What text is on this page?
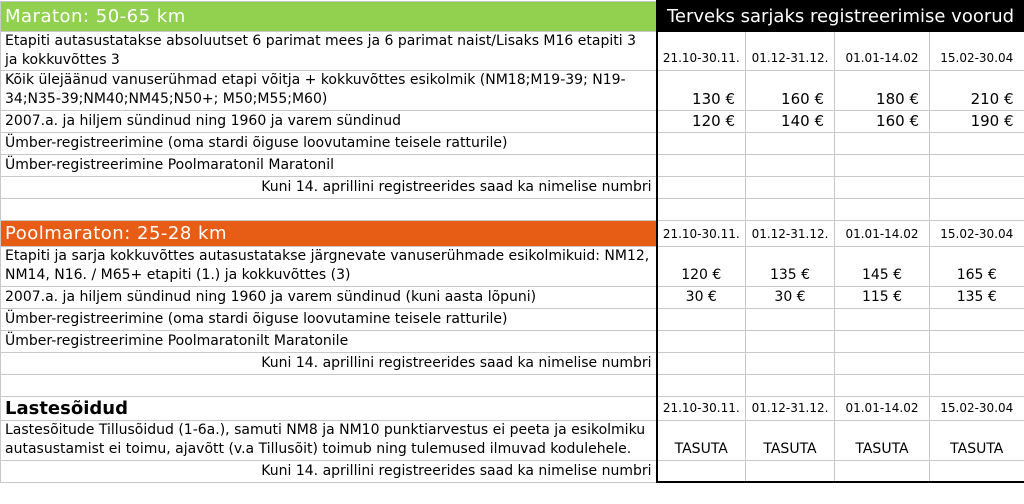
Maraton: 50-65 km	Terveks sarjaks registreerimise voorud			
Etapiti autasustatakse absoluutset 6 parimat mees ja 6 parimat naist/Lisaks M16 etapiti 3 ja kokkuvõttes 3	21.10-30.11.	01.12-31.12.	01.01-14.02	15.02-30.04
Kõik ülejäänud vanuserühmad etapi võitja + kokkuvõttes esikolmik (NM18;M19-39; N19-34;N35-39;NM40;NM45;N50+; M50;M55;M60)	130 €	160 €	180 €	210 €
2007.a. ja hiljem sündinud ning 1960 ja varem sündinud	120 €	140 €	160 €	190 €
Ümber-registreerimine (oma stardi õiguse loovutamine teisele ratturile)				
Ümber-registreerimine Poolmaratonil Maratonil				
Kuni 14. aprillini registreerides saad ka nimelise numbri				

Poolmaraton: 25-28 km	21.10-30.11.	01.12-31.12.	01.01-14.02	15.02-30.04
Etapiti ja sarja kokkuvõttes autasustatakse järgnevate vanuserühmade esikolmikuid: NM12, NM14, N16. / M65+ etapiti (1.) ja kokkuvõttes (3)	120 €	135 €	145 €	165 €
2007.a. ja hiljem sündinud ning 1960 ja varem sündinud (kuni aasta lõpuni)	30 €	30 €	115 €	135 €
Ümber-registreerimine (oma stardi õiguse loovutamine teisele ratturile)				
Ümber-registreerimine Poolmaratonilt Maratonile				
Kuni 14. aprillini registreerides saad ka nimelise numbri				

Lastesõidud	21.10-30.11.	01.12-31.12.	01.01-14.02	15.02-30.04
Lastesõitude Tillusõidud (1-6a.), samuti NM8 ja NM10 punktiarvestus ei peeta ja esikolmiku autasustamist ei toimu, ajavõtt (v.a Tillusõit) toimub ning tulemused ilmuvad kodulehele.	TASUTA	TASUTA	TASUTA	TASUTA
Kuni 14. aprillini registreerides saad ka nimelise numbri				
